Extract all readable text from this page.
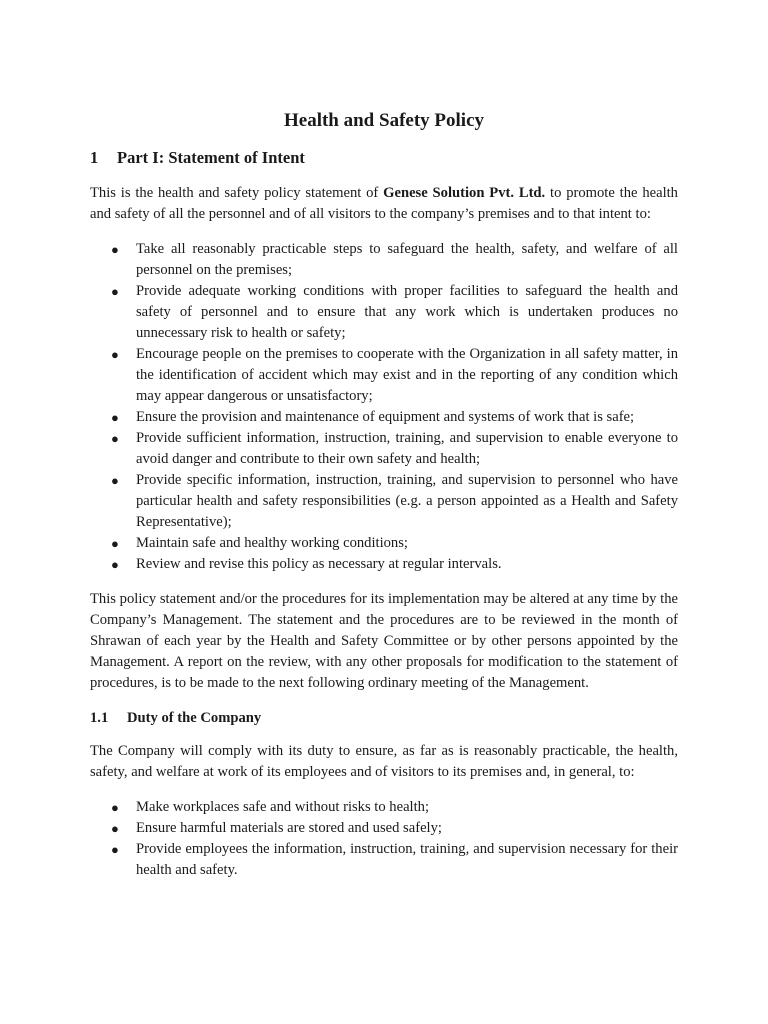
Health and Safety Policy
1	Part I: Statement of Intent

This is the health and safety policy statement of Genese Solution Pvt. Ltd. to promote the health and safety of all the personnel and of all visitors to the company’s premises and to that intent to:

● Take all reasonably practicable steps to safeguard the health, safety, and welfare of all personnel on the premises;
● Provide adequate working conditions with proper facilities to safeguard the health and safety of personnel and to ensure that any work which is undertaken produces no unnecessary risk to health or safety;
● Encourage people on the premises to cooperate with the Organization in all safety matter, in the identification of accident which may exist and in the reporting of any condition which may appear dangerous or unsatisfactory;
● Ensure the provision and maintenance of equipment and systems of work that is safe;
● Provide sufficient information, instruction, training, and supervision to enable everyone to avoid danger and contribute to their own safety and health;
● Provide specific information, instruction, training, and supervision to personnel who have particular health and safety responsibilities (e.g. a person appointed as a Health and Safety Representative);
● Maintain safe and healthy working conditions;
● Review and revise this policy as necessary at regular intervals.

This policy statement and/or the procedures for its implementation may be altered at any time by the Company’s Management. The statement and the procedures are to be reviewed in the month of Shrawan of each year by the Health and Safety Committee or by other persons appointed by the Management. A report on the review, with any other proposals for modification to the statement of procedures, is to be made to the next following ordinary meeting of the Management.

1.1	Duty of the Company

The Company will comply with its duty to ensure, as far as is reasonably practicable, the health, safety, and welfare at work of its employees and of visitors to its premises and, in general, to:

● Make workplaces safe and without risks to health;
● Ensure harmful materials are stored and used safely;
● Provide employees the information, instruction, training, and supervision necessary for their health and safety.
